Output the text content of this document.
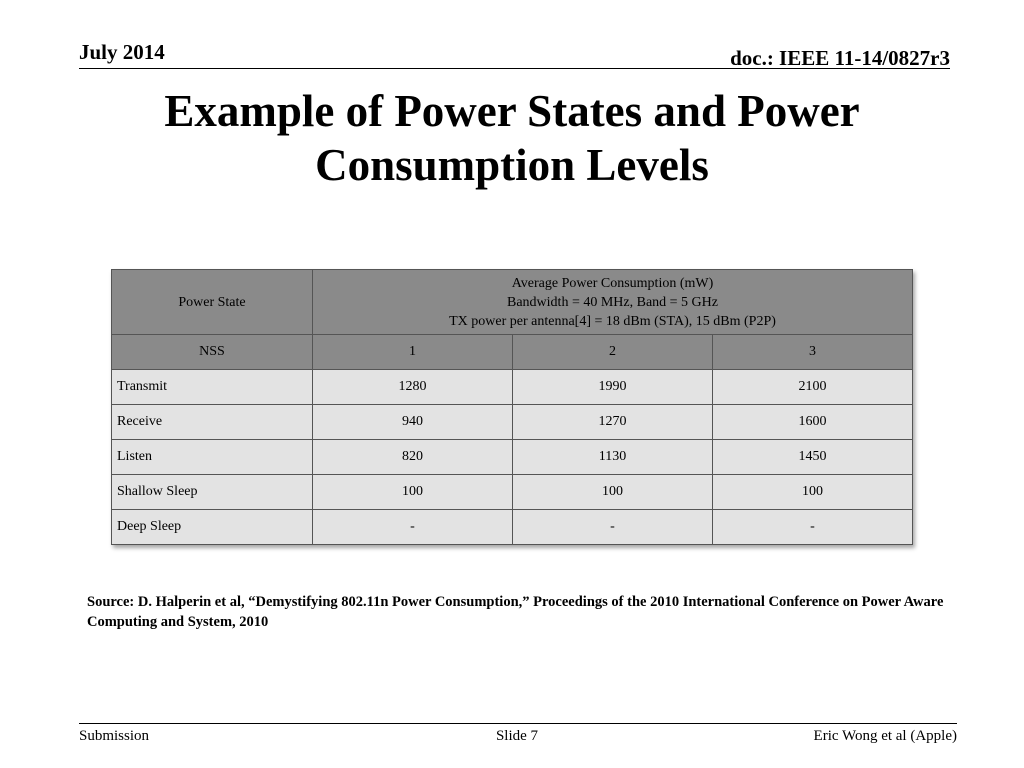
July 2014	doc.: IEEE 11-14/0827r3
Example of Power States and Power
Consumption Levels
Power State	Average Power Consumption (mW)
Bandwidth = 40 MHz, Band = 5 GHz
TX power per antenna[4] = 18 dBm (STA), 15 dBm (P2P)		

NSS	1	2	3
Transmit	1280	1990	2100
Receive	940	1270	1600
Listen	820	1130	1450
Shallow Sleep	100	100	100
Deep Sleep	-	-	-
Source: D. Halperin et al, “Demystifying 802.11n Power Consumption,” Proceedings of the 2010 International Conference on Power Aware Computing and System, 2010
Submission	Slide 7	Eric Wong et al (Apple)
